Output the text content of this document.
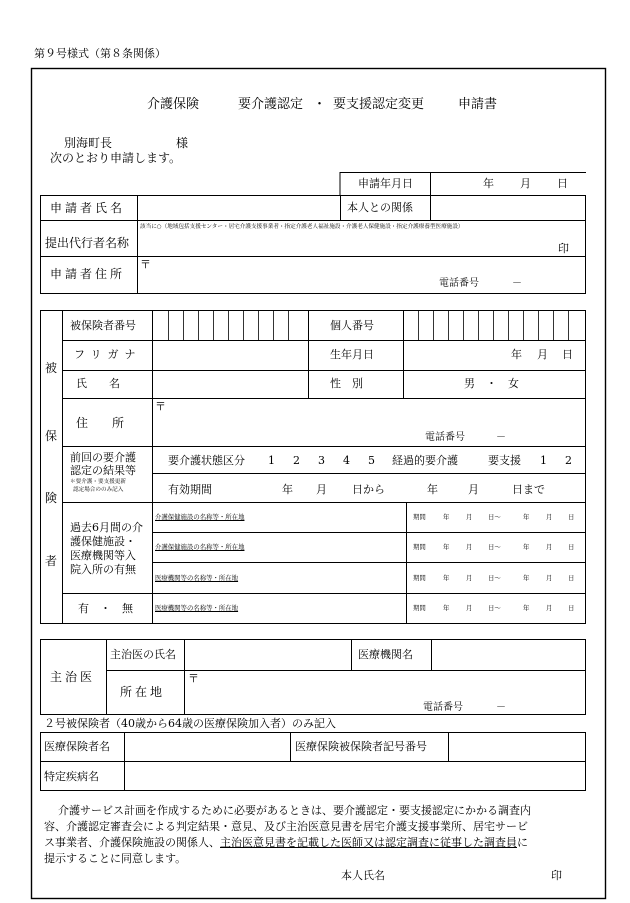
第９号様式（第８条関係）
介護保険	要介護認定 ・ 要支援認定変更	申請書
別海町長	様
次のとおり申請します。
申請年月日	年 月 日
申請者氏名	本人との関係
提出代行者名称
該当に○（地域包括支援センター・居宅介護支援事業者・指定介護老人福祉施設・介護老人保健施設・指定介護療養型医療施設）
印
申請者住所
〒
電話番号	－
被
保
険
者
被保険者番号	個人番号
フリガナ	生年月日	年 月 日
氏　　名	性　別	男　・　女
住　　所
〒
電話番号	－
前回の要介護
認定の結果等
＊要介護・要支援更新
認定場合ののみ記入
要介護状態区分 1 2 3 4 5 経過的要介護	要支援 1 2
有効期間	年 月 日から	年	月	日まで
過去6月間の介
護保健施設・
医療機関等入
院入所の有無
有　・　無
介護保健施設の名称等・所在地	期間	年	月 日～	年	月 日
介護保健施設の名称等・所在地	期間	年	月 日～	年	月 日
医療機関等の名称等・所在地	期間	年	月 日～	年	月 日
医療機関等の名称等・所在地	期間	年	月 日～	年	月 日
主治医
主治医の氏名	医療機関名
所在地
〒
電話番号	－
２号被保険者（40歳から64歳の医療保険加入者）のみ記入
医療保険者名	医療保険被保険者記号番号
特定疾病名
介護サービス計画を作成するために必要があるときは、要介護認定・要支援認定にかかる調査内
容、介護認定審査会による判定結果・意見、及び主治医意見書を居宅介護支援事業所、居宅サービ
ス事業者、介護保険施設の関係人、主治医意見書を記載した医師又は認定調査に従事した調査員に
提示することに同意します。
本人氏名	印
